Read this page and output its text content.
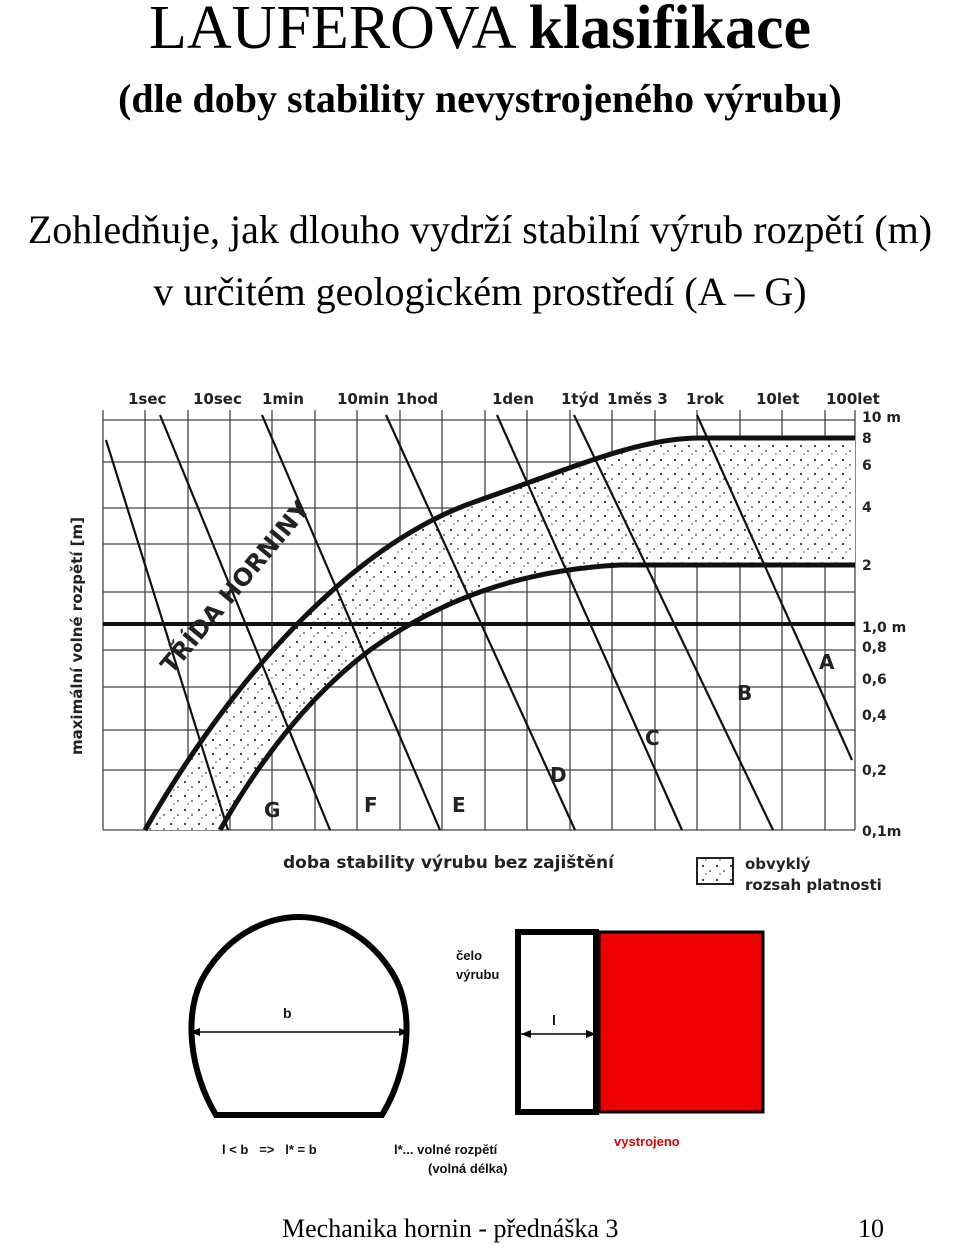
LAUFEROVA klasifikace
(dle doby stability nevystrojeného výrubu)
Zohledňuje, jak dlouho vydrží stabilní výrub rozpětí (m)
v určitém geologickém prostředí (A – G)
1sec 10sec 1min 10min 1hod	1den 1týd 1měs 3 1rok 10let 100let
10 m
8
6
4
2
1,0 m
0,8
0,6
0,4
0,2
0,1m
maximální volné rozpětí [m]
doba stability výrubu bez zajištění	obvyklý
rozsah platnosti
TŘÍDA HORNINY	A
B
C
D
E
F
G
b
čelo
výrubu
l
l < b   =>   l* = b	l*... volné rozpětí
(volná délka)
vystrojeno
Mechanika hornin - přednáška 3	10
